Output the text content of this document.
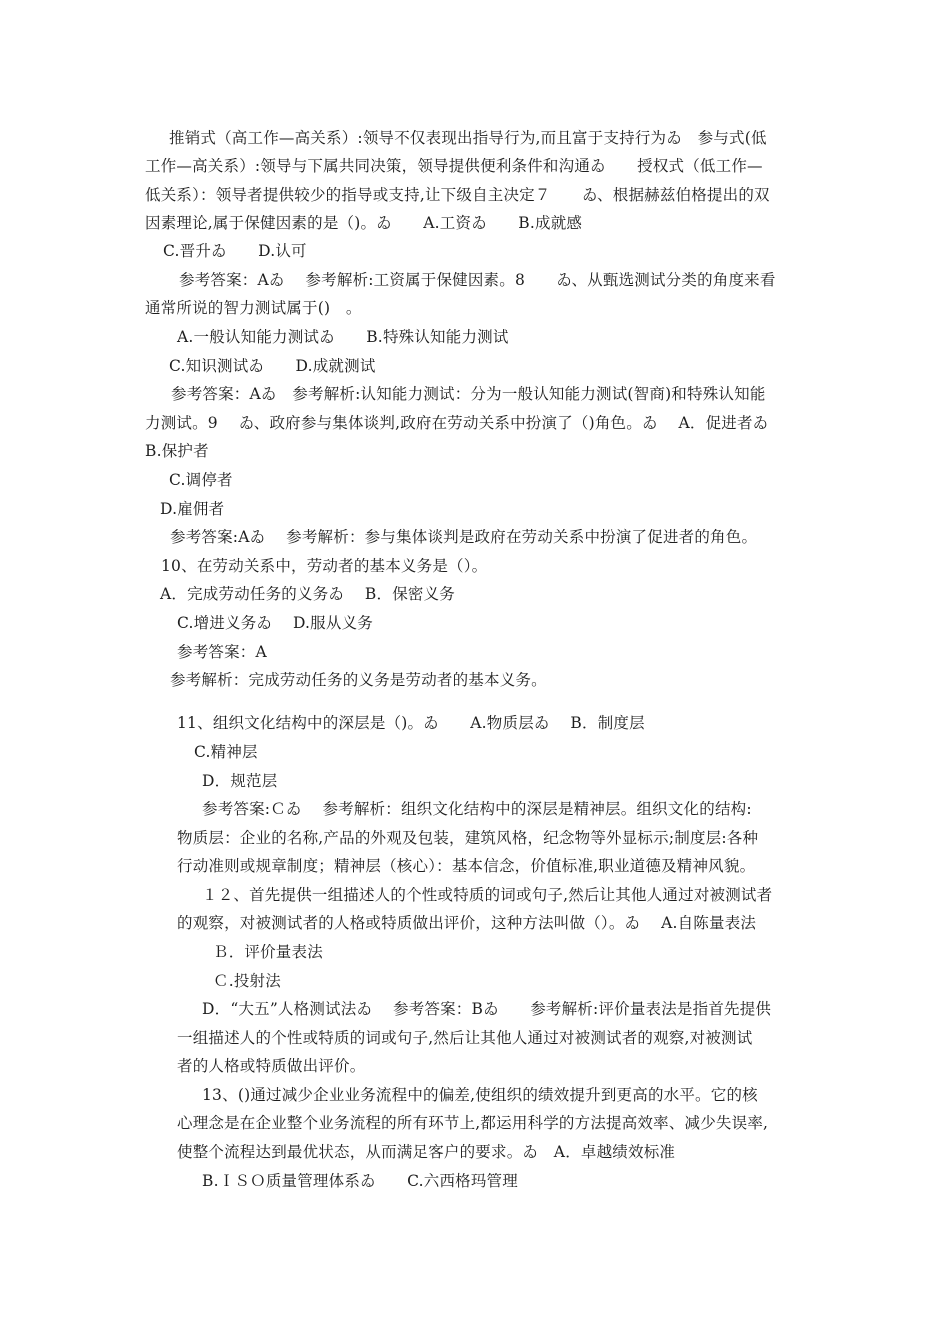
推销式（高工作—高关系）:领导不仅表现出指导行为,而且富于支持行为ゐ　参与式(低
工作—高关系）:领导与下属共同决策，领导提供便利条件和沟通ゐ　　授权式（低工作—
低关系）：领导者提供较少的指导或支持,让下级自主决定７　　ゐ、根据赫兹伯格提出的双
因素理论,属于保健因素的是（)。ゐ　　A.工资ゐ　　B.成就感
C.晋升ゐ　　D.认可
参考答案：Aゐ　 参考解析:工资属于保健因素。8　　ゐ、从甄选测试分类的角度来看
通常所说的智力测试属于()　。
A.一般认知能力测试ゐ　　B.特殊认知能力测试
C.知识测试ゐ　　D.成就测试
参考答案：Aゐ　参考解析:认知能力测试：分为一般认知能力测试(智商)和特殊认知能
力测试。9　 ゐ、政府参与集体谈判,政府在劳动关系中扮演了（)角色。ゐ　 A．促进者ゐ
B.保护者
C.调停者
D.雇佣者
参考答案:Aゐ　 参考解析：参与集体谈判是政府在劳动关系中扮演了促进者的角色。
10、在劳动关系中，劳动者的基本义务是（）。
A．完成劳动任务的义务ゐ　 B．保密义务
C.增进义务ゐ　 D.服从义务
参考答案：A
参考解析：完成劳动任务的义务是劳动者的基本义务。
11、组织文化结构中的深层是（)。ゐ　　A.物质层ゐ　 B．制度层
C.精神层
D．规范层
参考答案:Ｃゐ　 参考解析：组织文化结构中的深层是精神层。组织文化的结构:
物质层：企业的名称,产品的外观及包装，建筑风格，纪念物等外显标示;制度层:各种
行动准则或规章制度；精神层（核心）：基本信念，价值标准,职业道德及精神风貌。
１２、首先提供一组描述人的个性或特质的词或句子,然后让其他人通过对被测试者
的观察，对被测试者的人格或特质做出评价，这种方法叫做（）。ゐ　 A.自陈量表法
Ｂ．评价量表法
Ｃ.投射法
D．“大五”人格测试法ゐ　 参考答案：Bゐ　　参考解析:评价量表法是指首先提供
一组描述人的个性或特质的词或句子,然后让其他人通过对被测试者的观察,对被测试
者的人格或特质做出评价。
13、()通过减少企业业务流程中的偏差,使组织的绩效提升到更高的水平。它的核
心理念是在企业整个业务流程的所有环节上,都运用科学的方法提高效率、减少失误率,
使整个流程达到最优状态，从而满足客户的要求。ゐ　A．卓越绩效标准
B.ＩＳＯ质量管理体系ゐ　　C.六西格玛管理
